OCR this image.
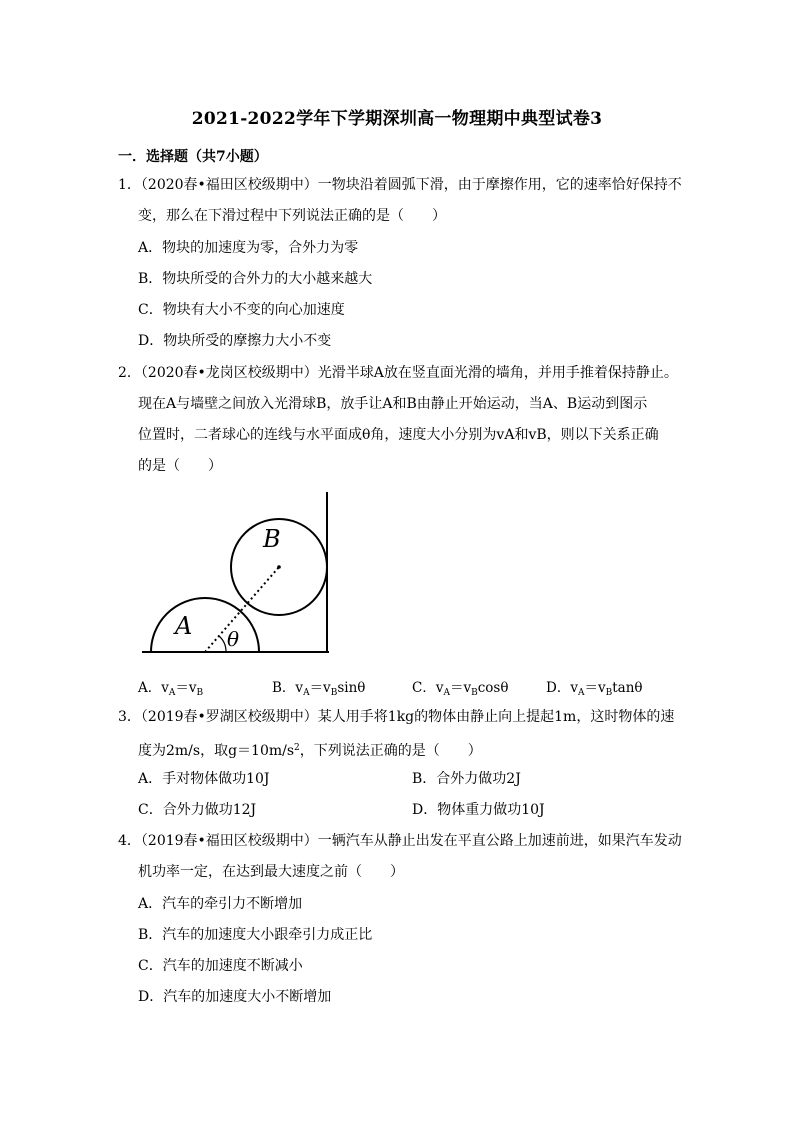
2021-2022学年下学期深圳高一物理期中典型试卷3
一．选择题（共7小题）
1．（2020春•福田区校级期中）一物块沿着圆弧下滑，由于摩擦作用，它的速率恰好保持不
变，那么在下滑过程中下列说法正确的是（　　）
A．物块的加速度为零，合外力为零
B．物块所受的合外力的大小越来越大
C．物块有大小不变的向心加速度
D．物块所受的摩擦力大小不变
2．（2020春•龙岗区校级期中）光滑半球A放在竖直面光滑的墙角，并用手推着保持静止。
现在A与墙壁之间放入光滑球B，放手让A和B由静止开始运动，当A、B运动到图示
位置时，二者球心的连线与水平面成θ角，速度大小分别为vA和vB，则以下关系正确
的是（　　）
A
B
θ
A．$v_A=v_B$	B．$v_A=v_B\sin\theta$	C．$v_A=v_B\cos\theta$	D．$v_A=v_B\tan\theta$
3．（2019春•罗湖区校级期中）某人用手将1kg的物体由静止向上提起1m，这时物体的速
度为2m/s，取$g=10m/s^2$，下列说法正确的是（　　）
A．手对物体做功10J	B．合外力做功2J
C．合外力做功12J	D．物体重力做功10J
4．（2019春•福田区校级期中）一辆汽车从静止出发在平直公路上加速前进，如果汽车发动
机功率一定，在达到最大速度之前（　　）
A．汽车的牵引力不断增加
B．汽车的加速度大小跟牵引力成正比
C．汽车的加速度不断减小
D．汽车的加速度大小不断增加
